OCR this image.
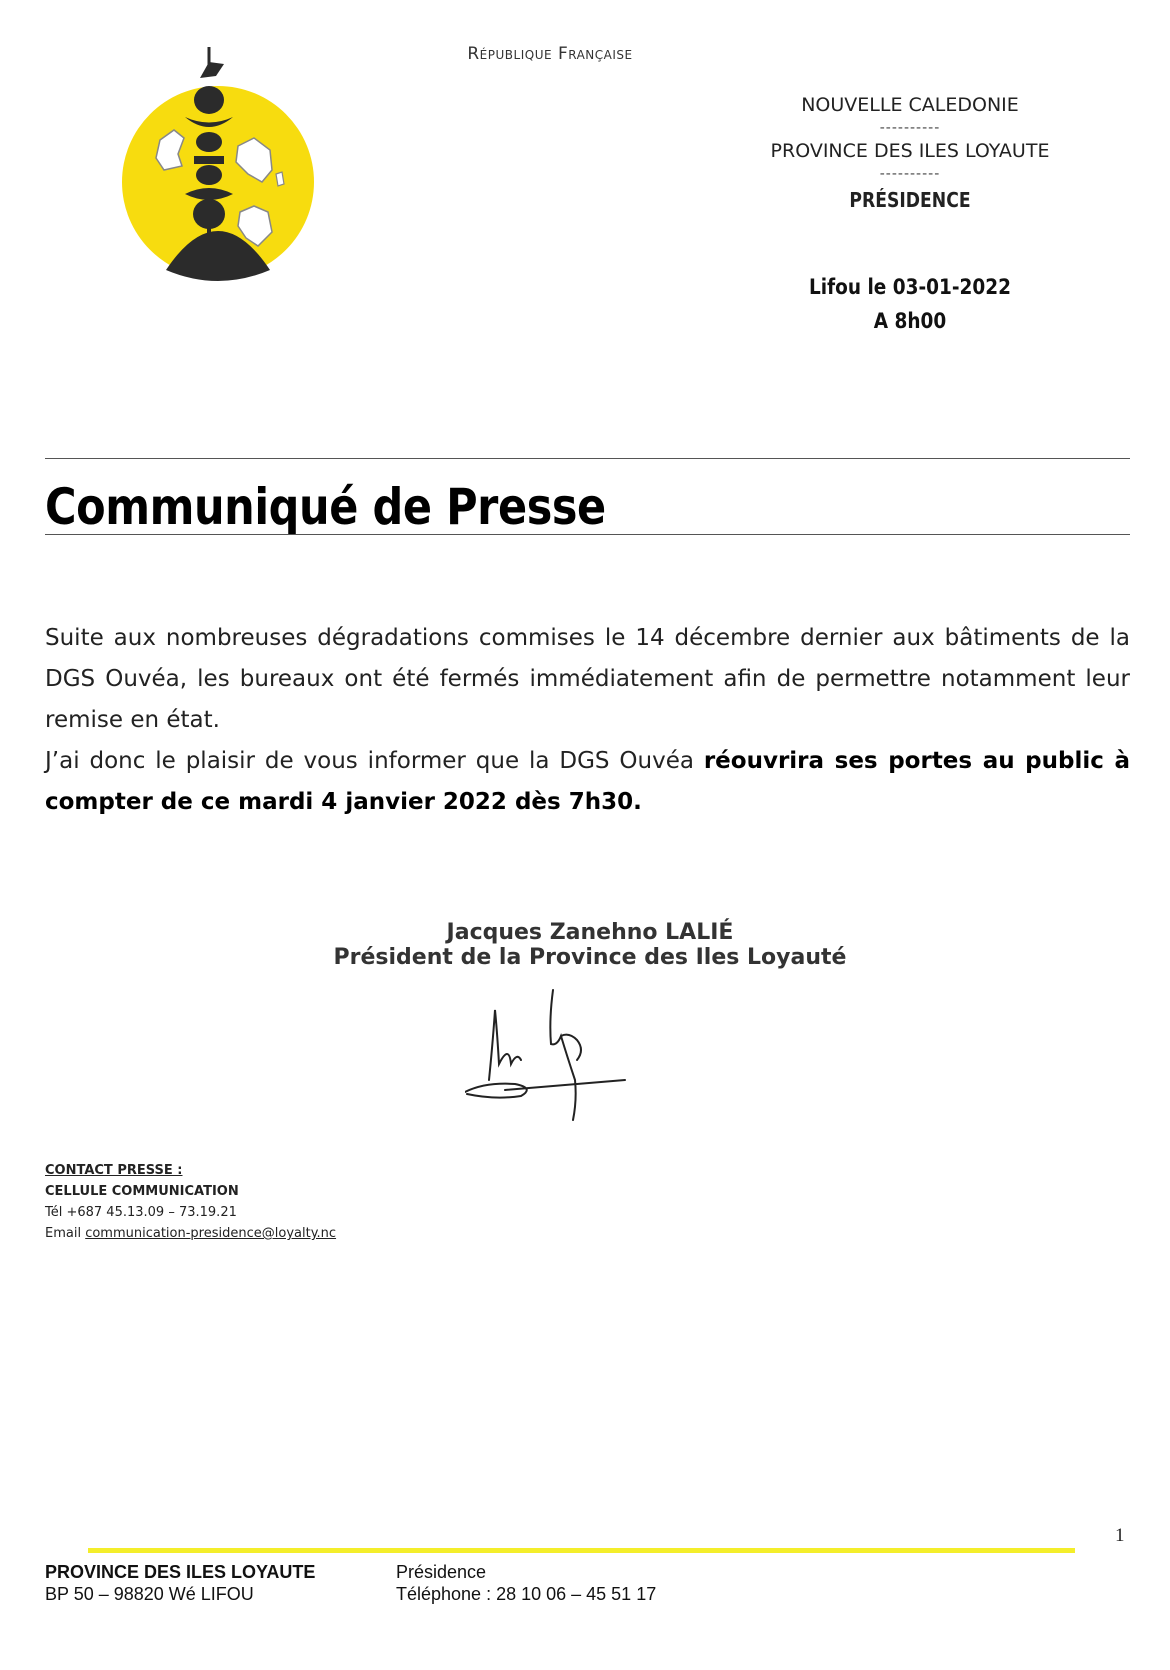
République Française
NOUVELLE CALEDONIE
----------
PROVINCE DES ILES LOYAUTE
----------
PRÉSIDENCE
Lifou le 03-01-2022
A 8h00
Communiqué de Presse

Suite aux nombreuses dégradations commises le 14 décembre dernier aux bâtiments de la DGS Ouvéa, les bureaux ont été fermés immédiatement afin de permettre notamment leur remise en état.

J’ai donc le plaisir de vous informer que la DGS Ouvéa réouvrira ses portes au public à compter de ce mardi 4 janvier 2022 dès 7h30.

Jacques Zanehno LALIÉ
Président de la Province des Iles Loyauté
CONTACT PRESSE :
CELLULE COMMUNICATION
Tél +687 45.13.09 – 73.19.21
Email communication-presidence@loyalty.nc
1
PROVINCE DES ILES LOYAUTE
BP 50 – 98820 Wé LIFOU
Présidence
Téléphone : 28 10 06 – 45 51 17
